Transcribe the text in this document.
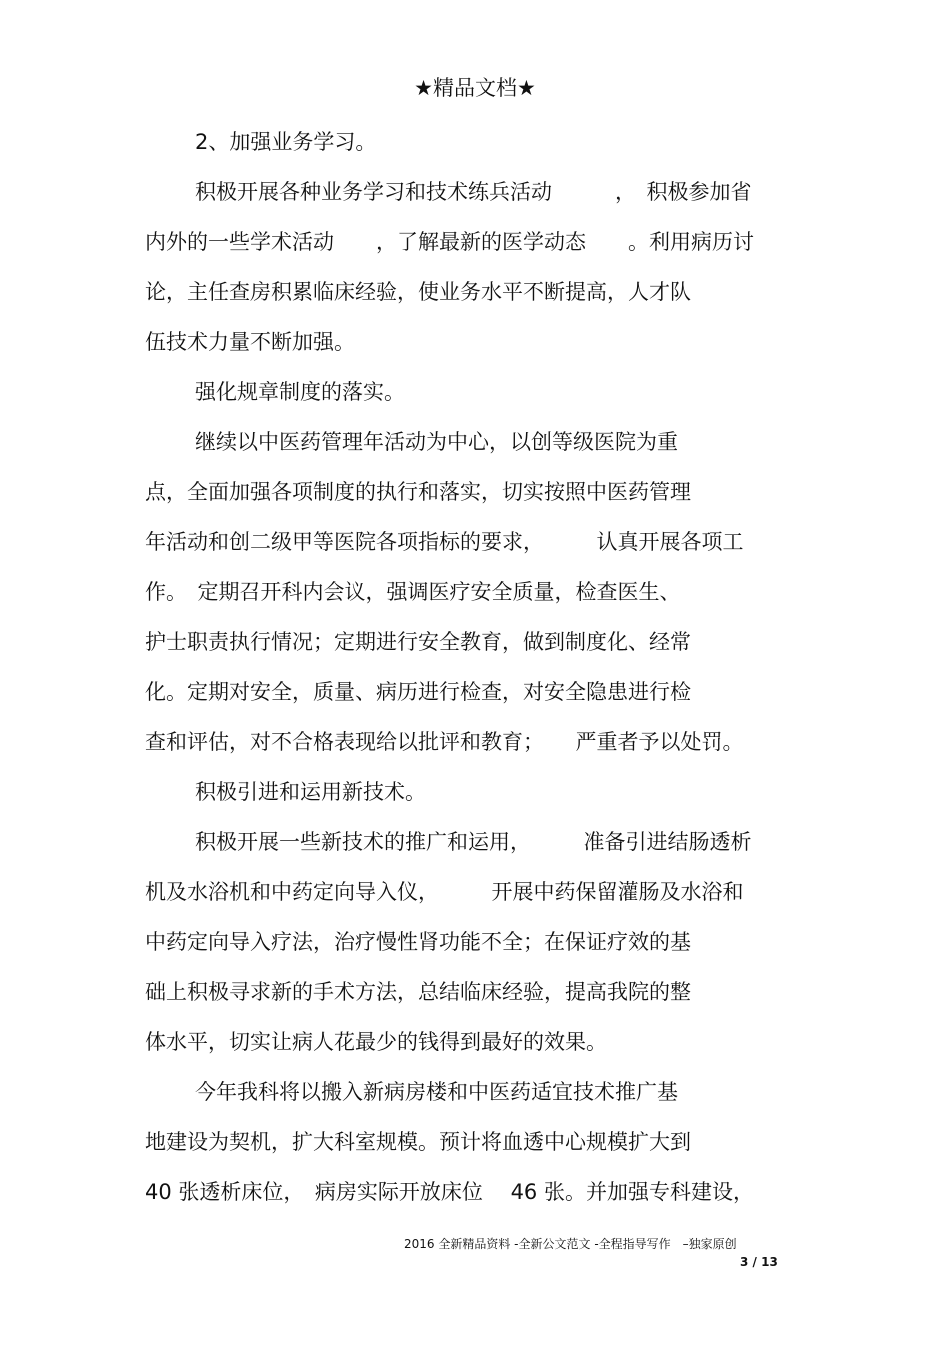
★精品文档★
2、加强业务学习。
积极开展各种业务学习和技术练兵活动　　　，　积极参加省
内外的一些学术活动　　，了解最新的医学动态　　。利用病历讨
论，主任查房积累临床经验，使业务水平不断提高，人才队
伍技术力量不断加强。
强化规章制度的落实。
继续以中医药管理年活动为中心，以创等级医院为重
点，全面加强各项制度的执行和落实，切实按照中医药管理
年活动和创二级甲等医院各项指标的要求，　　　认真开展各项工
作。　定期召开科内会议，强调医疗安全质量，检查医生、
护士职责执行情况；定期进行安全教育，做到制度化、经常
化。定期对安全，质量、病历进行检查，对安全隐患进行检
查和评估，对不合格表现给以批评和教育；　　严重者予以处罚。
积极引进和运用新技术。
积极开展一些新技术的推广和运用，　　　准备引进结肠透析
机及水浴机和中药定向导入仪，　　　开展中药保留灌肠及水浴和
中药定向导入疗法，治疗慢性肾功能不全；在保证疗效的基
础上积极寻求新的手术方法，总结临床经验，提高我院的整
体水平，切实让病人花最少的钱得到最好的效果。
今年我科将以搬入新病房楼和中医药适宜技术推广基
地建设为契机，扩大科室规模。预计将血透中心规模扩大到
40 张透析床位，　病房实际开放床位　 46 张。并加强专科建设，
2016 全新精品资料 -全新公文范文 -全程指导写作　–独家原创
3 / 13
